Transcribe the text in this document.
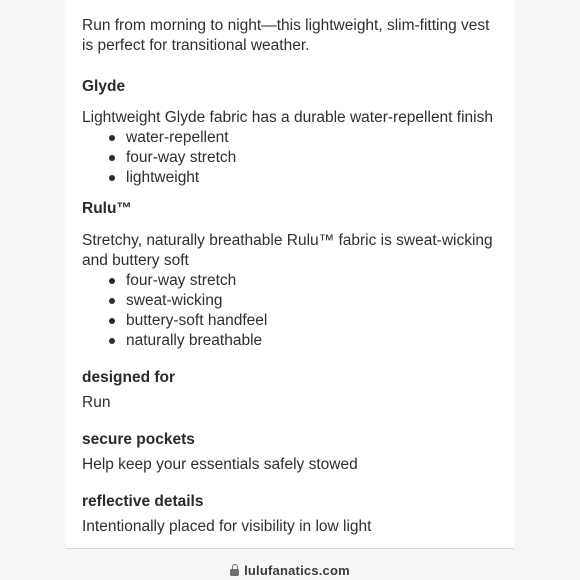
Run from morning to night—this lightweight, slim-fitting vest is perfect for transitional weather.

Glyde

Lightweight Glyde fabric has a durable water-repellent finish

water-repellent
four-way stretch
lightweight

Rulu™

Stretchy, naturally breathable Rulu™ fabric is sweat-wicking and buttery soft

four-way stretch
sweat-wicking
buttery-soft handfeel
naturally breathable

designed for

Run

secure pockets

Help keep your essentials safely stowed

reflective details

Intentionally placed for visibility in low light

lulufanatics.com
